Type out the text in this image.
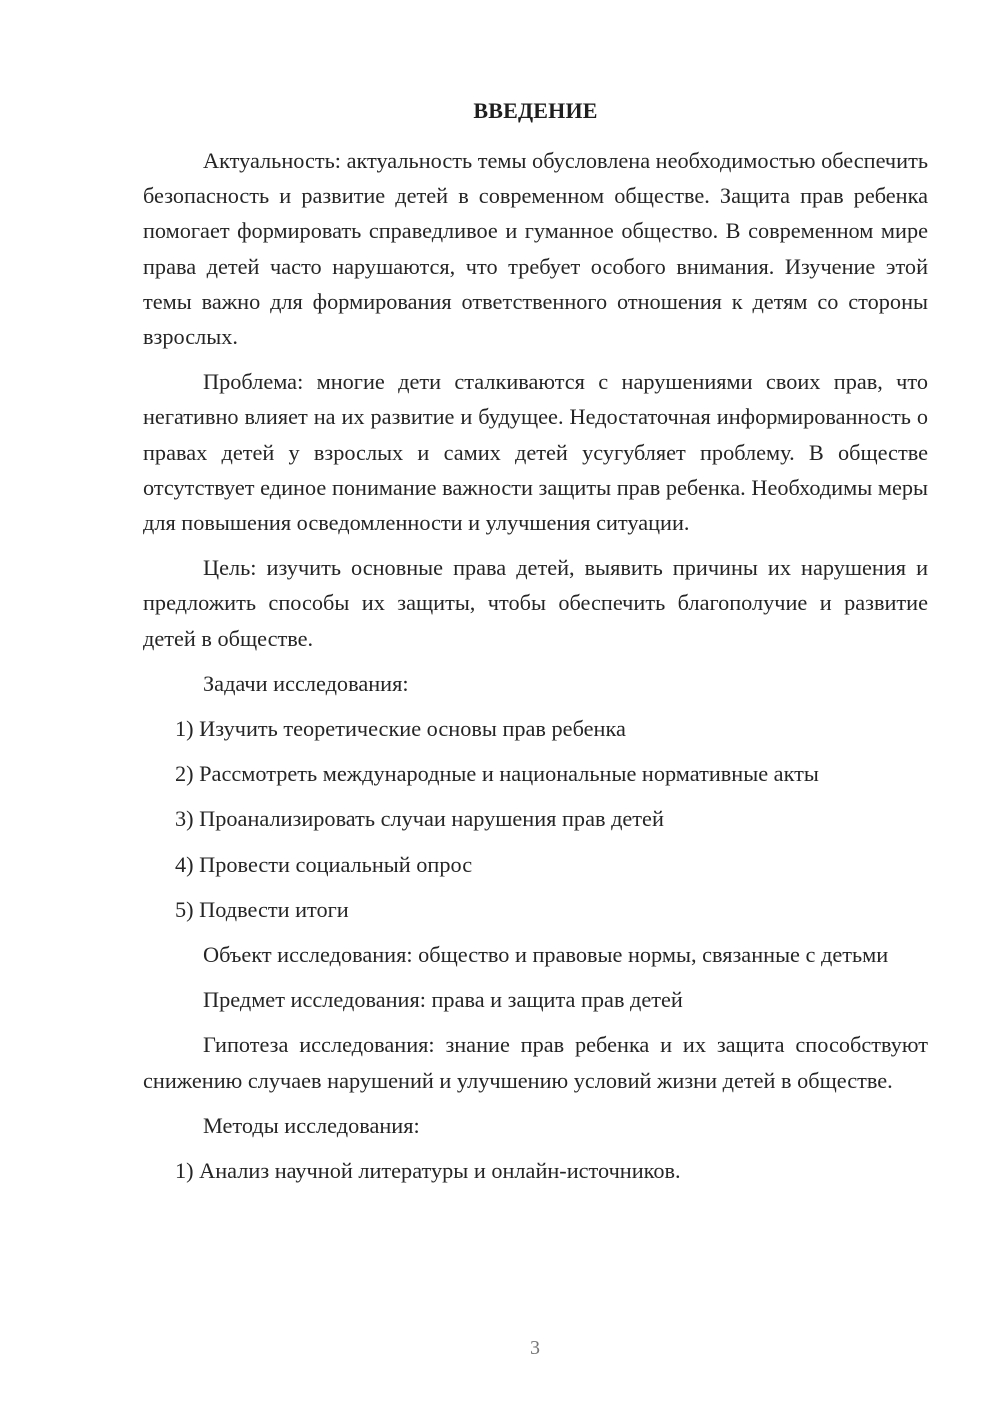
ВВЕДЕНИЕ

Актуальность: актуальность темы обусловлена необходимостью обеспечить безопасность и развитие детей в современном обществе. Защита прав ребенка помогает формировать справедливое и гуманное общество. В современном мире права детей часто нарушаются, что требует особого внимания. Изучение этой темы важно для формирования ответственного отношения к детям со стороны взрослых.

Проблема: многие дети сталкиваются с нарушениями своих прав, что негативно влияет на их развитие и будущее. Недостаточная информированность о правах детей у взрослых и самих детей усугубляет проблему. В обществе отсутствует единое понимание важности защиты прав ребенка. Необходимы меры для повышения осведомленности и улучшения ситуации.

Цель: изучить основные права детей, выявить причины их нарушения и предложить способы их защиты, чтобы обеспечить благополучие и развитие детей в обществе.

Задачи исследования:

1) Изучить теоретические основы прав ребенка

2) Рассмотреть международные и национальные нормативные акты

3) Проанализировать случаи нарушения прав детей

4) Провести социальный опрос

5) Подвести итоги

Объект исследования: общество и правовые нормы, связанные с детьми

Предмет исследования: права и защита прав детей

Гипотеза исследования: знание прав ребенка и их защита способствуют снижению случаев нарушений и улучшению условий жизни детей в обществе.

Методы исследования:

1) Анализ научной литературы и онлайн-источников.

3
